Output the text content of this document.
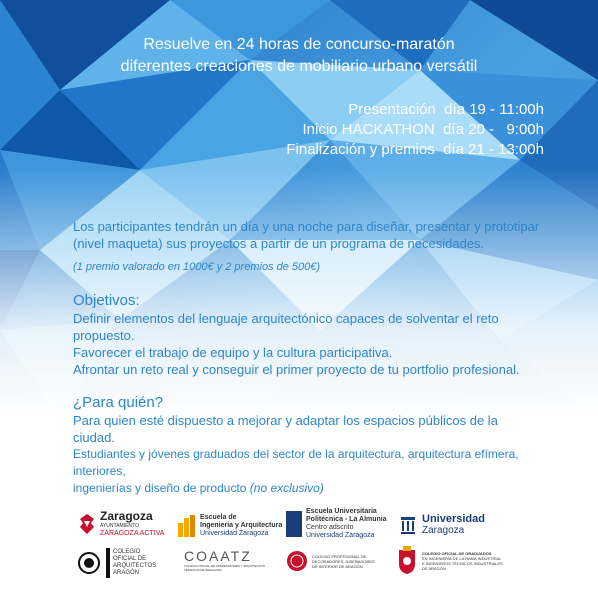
Resuelve en 24 horas de concurso-maratón
diferentes creaciones de mobiliario urbano versátil
Presentación  día 19 - 11:00h
Inicio HACKATHON  día 20 -   9:00h
Finalización y premios  día 21 - 13:00h

Los participantes tendrán un día y una noche para diseñar, presentar y prototipar

(nivel maqueta) sus proyectos a partir de un programa de necesidades.

(1 premio valorado en 1000€ y 2 premios de 500€)

Objetivos:

Definir elementos del lenguaje arquitectónico capaces de solventar el reto propuesto.

Favorecer el trabajo de equipo y la cultura participativa.

Afrontar un reto real y conseguir el primer proyecto de tu portfolio profesional.

¿Para quién?

Para quien esté dispuesto a mejorar y adaptar los espacios públicos de la ciudad.

Estudiantes y jóvenes graduados del sector de la arquitectura, arquitectura efímera, interiores,

ingenierías y diseño de producto (no exclusivo)

Zaragoza
AYUNTAMIENTO
ZARAGOZA ACTIVA
Escuela de
Ingeniería y Arquitectura
Universidad Zaragoza
Escuela Universitaria
Politécnica - La Almunia
Centro adscrito
Universidad Zaragoza
Universidad
Zaragoza
COLEGIO
OFICIAL DE
ARQUITECTOS
ARAGÓN
COAATZ
COLEGIO OFICIAL DE APAREJADORES Y ARQUITECTOS TÉCNICOS DE ZARAGOZA
COLEGIO PROFESIONAL DE
DECORADORES, DISEÑADORES
DE INTERIOR DE ARAGÓN
COLEGIO OFICIAL DE GRADUADOS
EN INGENIERÍA DE LA RAMA INDUSTRIAL
E INGENIEROS TÉCNICOS INDUSTRIALES
DE ARAGÓN
